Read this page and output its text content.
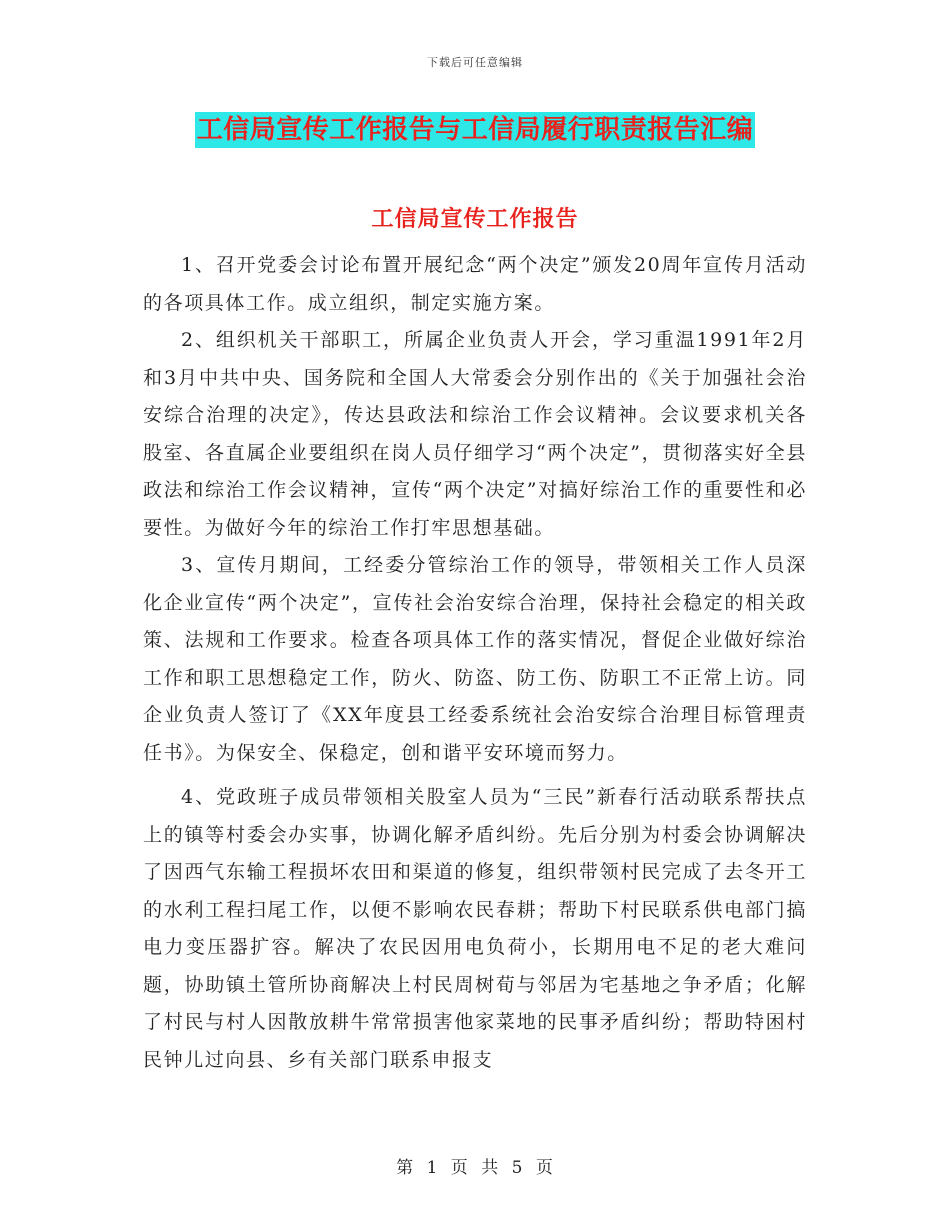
下载后可任意编辑
工信局宣传工作报告与工信局履行职责报告汇编
工信局宣传工作报告

1、召开党委会讨论布置开展纪念“两个决定”颁发20周年宣传月活动的各项具体工作。成立组织，制定实施方案。

2、组织机关干部职工，所属企业负责人开会，学习重温1991年2月和3月中共中央、国务院和全国人大常委会分别作出的《关于加强社会治安综合治理的决定》，传达县政法和综治工作会议精神。会议要求机关各股室、各直属企业要组织在岗人员仔细学习“两个决定”，贯彻落实好全县政法和综治工作会议精神，宣传“两个决定”对搞好综治工作的重要性和必要性。为做好今年的综治工作打牢思想基础。

3、宣传月期间，工经委分管综治工作的领导，带领相关工作人员深化企业宣传“两个决定”，宣传社会治安综合治理，保持社会稳定的相关政策、法规和工作要求。检查各项具体工作的落实情况，督促企业做好综治工作和职工思想稳定工作，防火、防盗、防工伤、防职工不正常上访。同企业负责人签订了《XX年度县工经委系统社会治安综合治理目标管理责任书》。为保安全、保稳定，创和谐平安环境而努力。

4、党政班子成员带领相关股室人员为“三民”新春行活动联系帮扶点上的镇等村委会办实事，协调化解矛盾纠纷。先后分别为村委会协调解决了因西气东输工程损坏农田和渠道的修复，组织带领村民完成了去冬开工的水利工程扫尾工作，以便不影响农民春耕；帮助下村民联系供电部门搞电力变压器扩容。解决了农民因用电负荷小，长期用电不足的老大难问题，协助镇土管所协商解决上村民周树荀与邻居为宅基地之争矛盾；化解了村民与村人因散放耕牛常常损害他家菜地的民事矛盾纠纷；帮助特困村民钟儿过向县、乡有关部门联系申报支

第 1 页 共 5 页
